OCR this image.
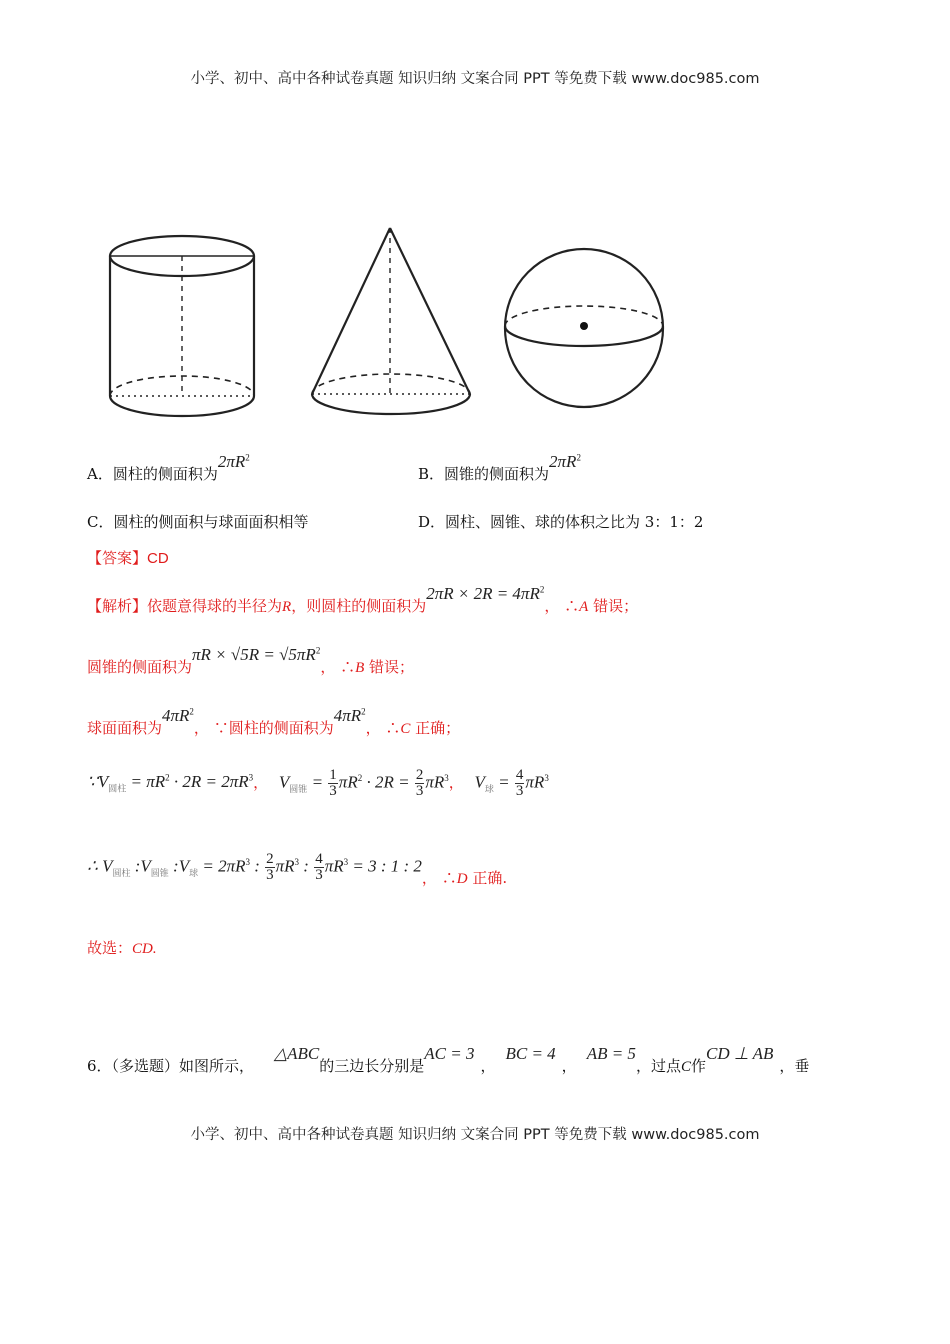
小学、初中、高中各种试卷真题 知识归纳 文案合同 PPT 等免费下载 www.doc985.com
A．圆柱的侧面积为$2\pi R^2$
B．圆锥的侧面积为$2\pi R^2$
C．圆柱的侧面积与球面面积相等	D．圆柱、圆锥、球的体积之比为 3：1：2
【答案】CD
【解析】依题意得球的半径为R，则圆柱的侧面积为$2\pi R \times 2R = 4\pi R^2$， ∴A 错误；
圆锥的侧面积为$\pi R \times √5R = √5\pi R^2$， ∴B 错误；
球面面积为$4\pi R^2$， ∵圆柱的侧面积为$4\pi R^2$， ∴C 正确；
$\because V_{圆柱} = \pi R^2 \cdot 2R = 2\pi R^3$， $V_{圆锥} = \frac{1}{3} \pi R^2 \cdot 2R = \frac{2}{3} \pi R^3$， $V_球 = \frac{4}{3} \pi R^3$
∴ $V_{圆柱}$ $:V_{圆锥}$ $:V_球 = 2\pi R^3$ : $\frac{2}{3} \pi R^3$ : $\frac{4}{3} \pi R^3 = 3$ : 1 : 2， ∴D 正确.
故选：CD.
6．（多选题）如图所示，△ABC的三边长分别是AC = 3，BC = 4，AB = 5，过点C作CD ⊥ AB，垂
小学、初中、高中各种试卷真题 知识归纳 文案合同 PPT 等免费下载 www.doc985.com
